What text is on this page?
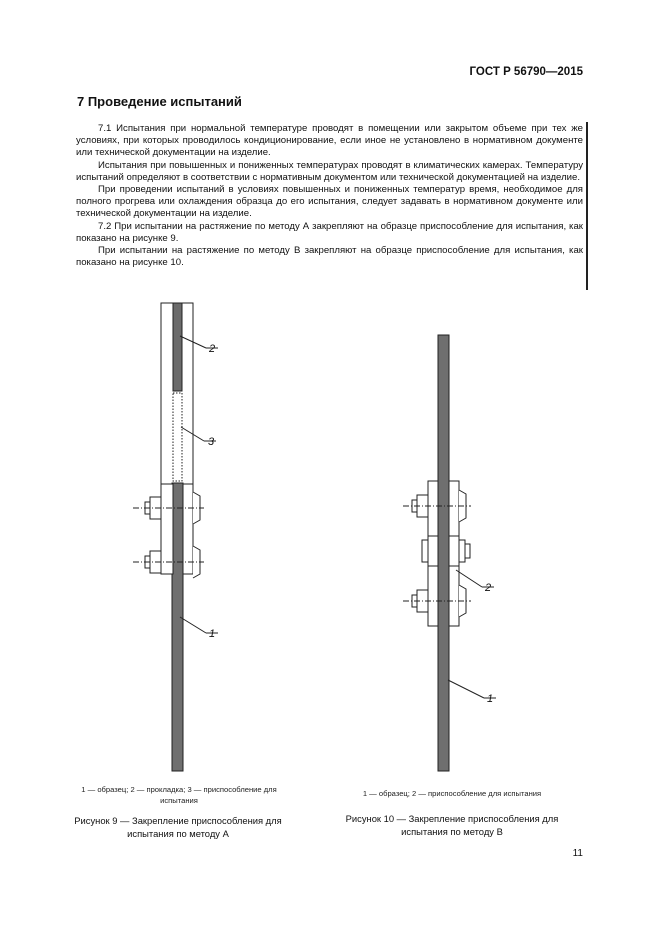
ГОСТ Р 56790—2015
7 Проведение испытаний

7.1 Испытания при нормальной температуре проводят в помещении или закрытом объеме при тех же условиях, при которых проводилось кондиционирование, если иное не установлено в нормативном документе или технической документации на изделие.

Испытания при повышенных и пониженных температурах проводят в климатических камерах. Температуру испытаний определяют в соответствии с нормативным документом или технической документацией на изделие.

При проведении испытаний в условиях повышенных и пониженных температур время, необходимое для полного прогрева или охлаждения образца до его испытания, следует задавать в нормативном документе или технической документации на изделие.

7.2 При испытании на растяжение по методу А закрепляют на образце приспособление для испытания, как показано на рисунке 9.

При испытании на растяжение по методу В закрепляют на образце приспособление для испытания, как показано на рисунке 10.

2
3
1
2
1
1 — образец; 2 — прокладка; 3 — приспособление для испытания
Рисунок 9 — Закрепление приспособления для испытания по методу А
1 — образец; 2 — приспособление для испытания
Рисунок 10 — Закрепление приспособления для испытания по методу В
11
